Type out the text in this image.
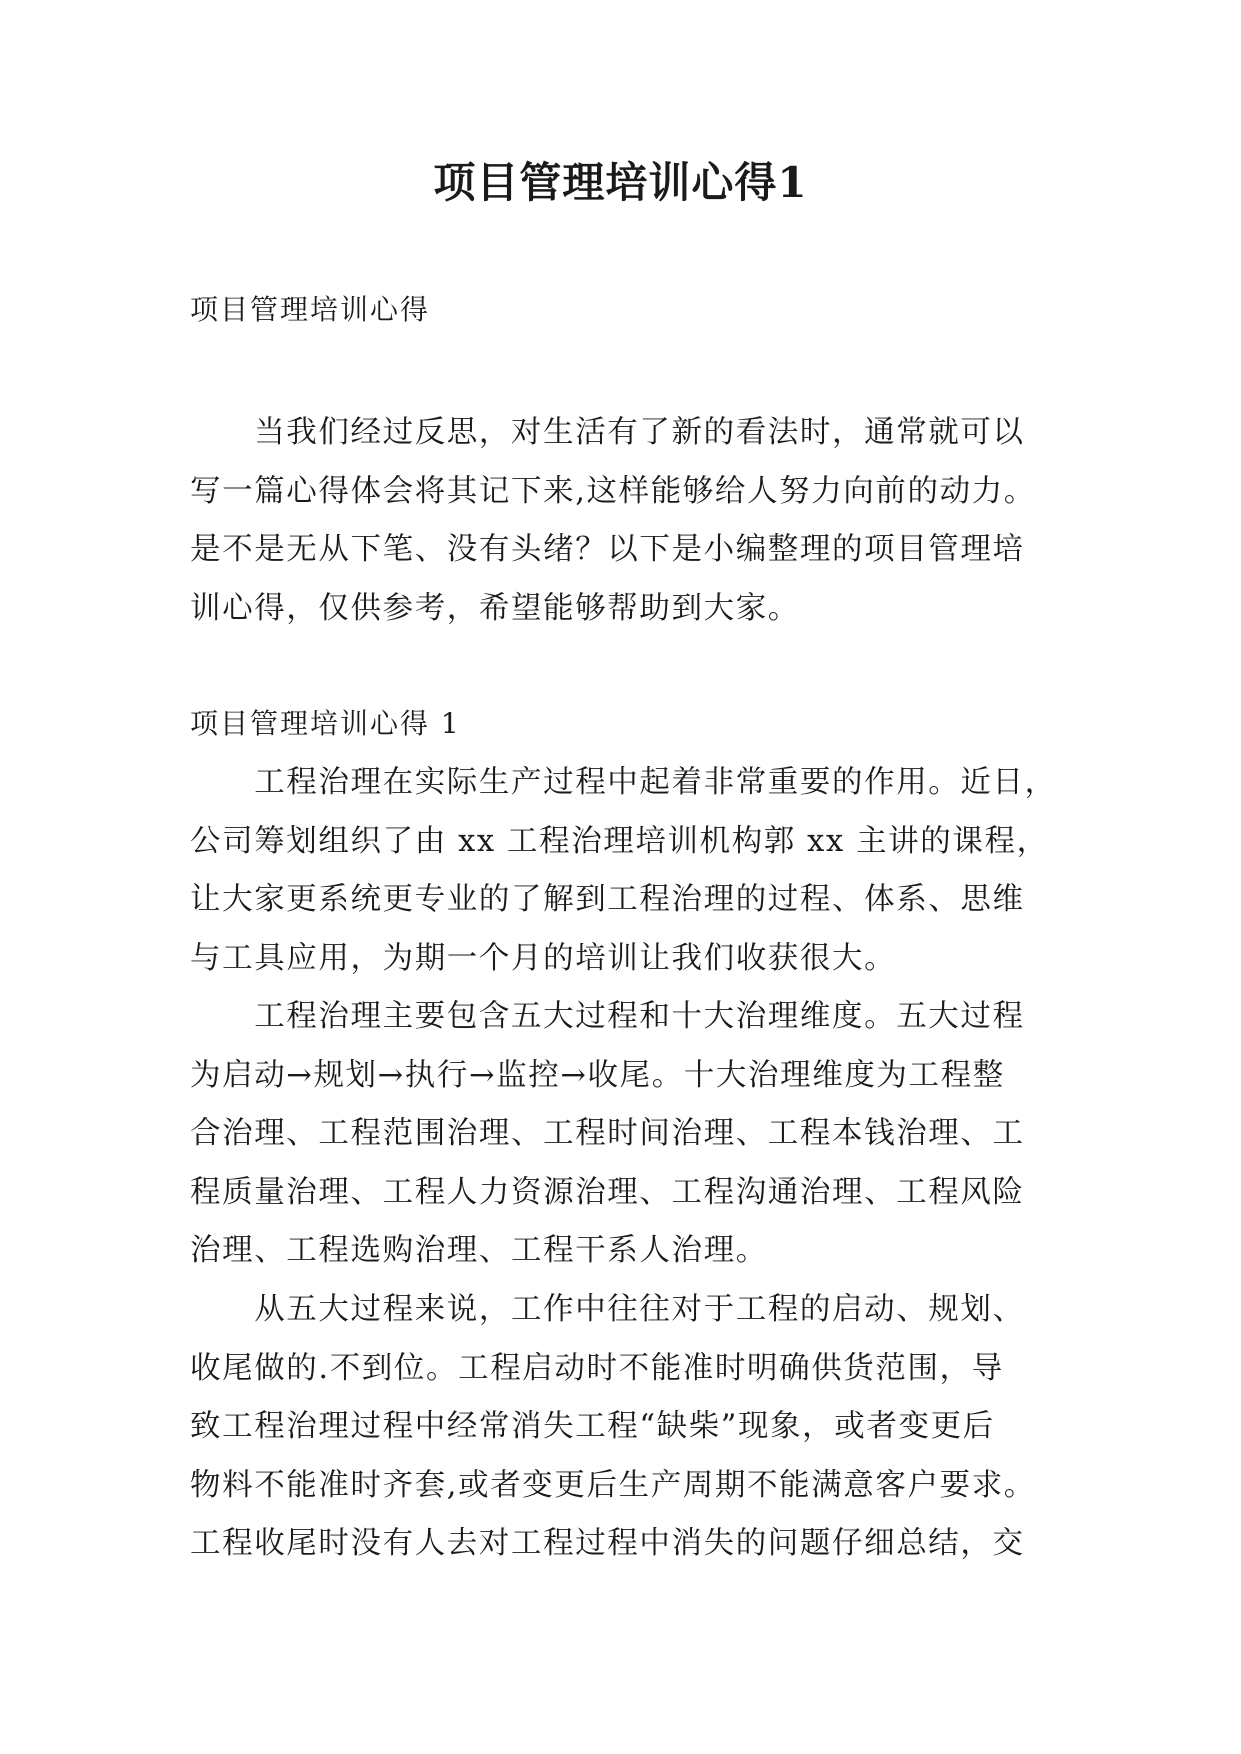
项目管理培训心得1
项目管理培训心得
　　当我们经过反思，对生活有了新的看法时，通常就可以
写一篇心得体会将其记下来,这样能够给人努力向前的动力。
是不是无从下笔、没有头绪？以下是小编整理的项目管理培
训心得，仅供参考，希望能够帮助到大家。
项目管理培训心得 1
　　工程治理在实际生产过程中起着非常重要的作用。近日，
公司筹划组织了由 xx 工程治理培训机构郭 xx 主讲的课程，
让大家更系统更专业的了解到工程治理的过程、体系、思维
与工具应用，为期一个月的培训让我们收获很大。
　　工程治理主要包含五大过程和十大治理维度。五大过程
为启动→规划→执行→监控→收尾。十大治理维度为工程整
合治理、工程范围治理、工程时间治理、工程本钱治理、工
程质量治理、工程人力资源治理、工程沟通治理、工程风险
治理、工程选购治理、工程干系人治理。
　　从五大过程来说，工作中往往对于工程的启动、规划、
收尾做的.不到位。工程启动时不能准时明确供货范围，导
致工程治理过程中经常消失工程“缺柴”现象，或者变更后
物料不能准时齐套,或者变更后生产周期不能满意客户要求。
工程收尾时没有人去对工程过程中消失的问题仔细总结，交
